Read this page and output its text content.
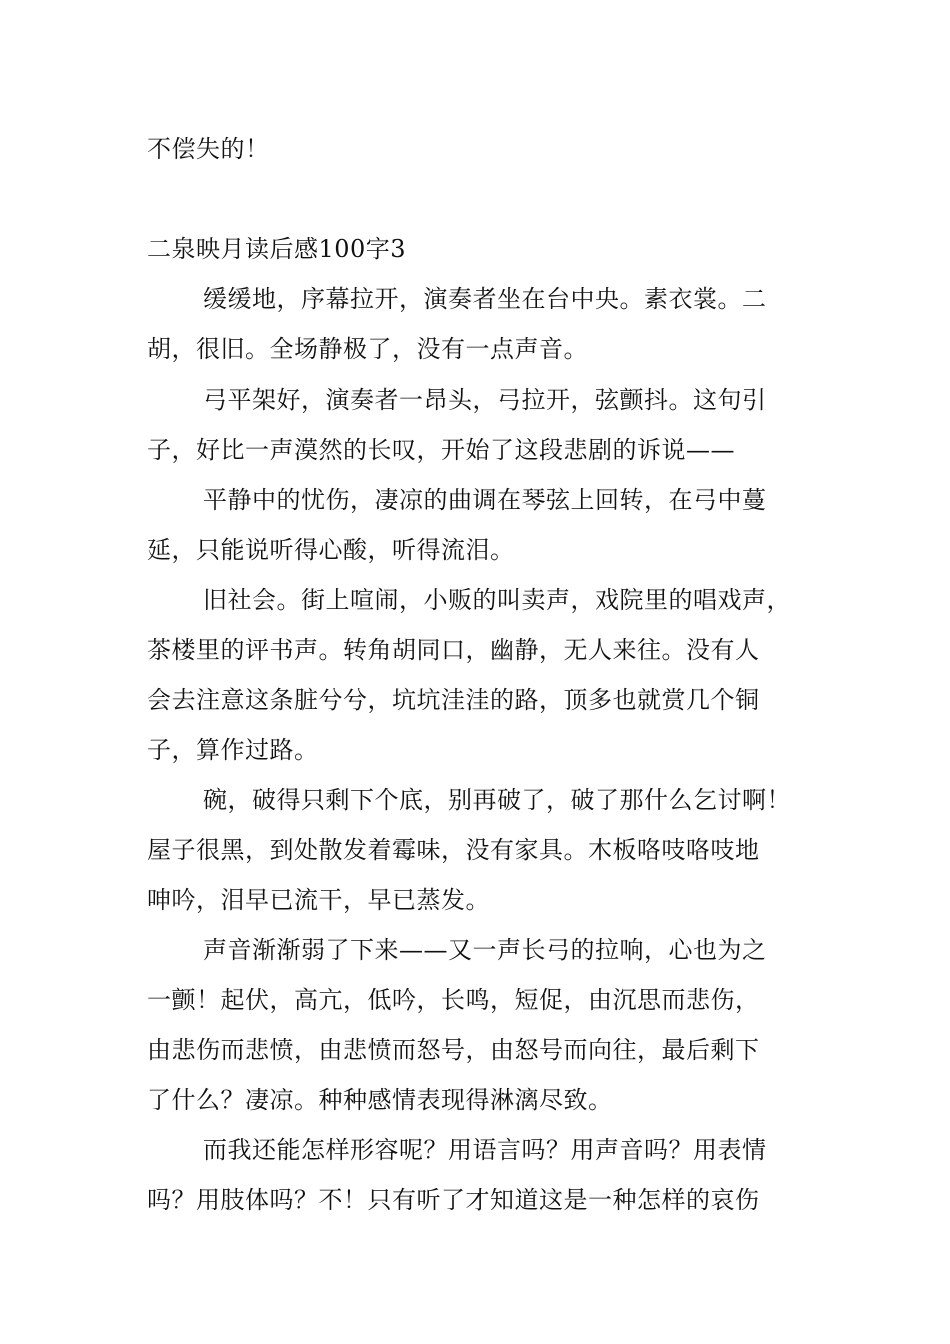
不偿失的！
二泉映月读后感100字3
缓缓地，序幕拉开，演奏者坐在台中央。素衣裳。二
胡，很旧。全场静极了，没有一点声音。
弓平架好，演奏者一昂头，弓拉开，弦颤抖。这句引
子，好比一声漠然的长叹，开始了这段悲剧的诉说——
平静中的忧伤，凄凉的曲调在琴弦上回转，在弓中蔓
延，只能说听得心酸，听得流泪。
旧社会。街上喧闹，小贩的叫卖声，戏院里的唱戏声，
茶楼里的评书声。转角胡同口，幽静，无人来往。没有人
会去注意这条脏兮兮，坑坑洼洼的路，顶多也就赏几个铜
子，算作过路。
碗，破得只剩下个底，别再破了，破了那什么乞讨啊！
屋子很黑，到处散发着霉味，没有家具。木板咯吱咯吱地
呻吟，泪早已流干，早已蒸发。
声音渐渐弱了下来——又一声长弓的拉响，心也为之
一颤！起伏，高亢，低吟，长鸣，短促，由沉思而悲伤，
由悲伤而悲愤，由悲愤而怒号，由怒号而向往，最后剩下
了什么？凄凉。种种感情表现得淋漓尽致。
而我还能怎样形容呢？用语言吗？用声音吗？用表情
吗？用肢体吗？不！只有听了才知道这是一种怎样的哀伤
